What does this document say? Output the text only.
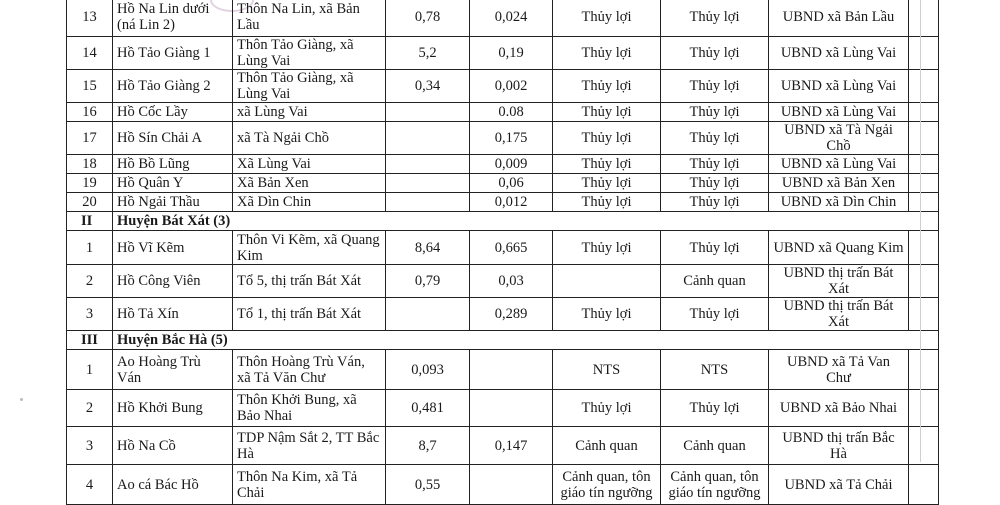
13	Hồ Na Lin dưới (ná Lin 2)	Thôn Na Lin, xã Bản Lầu	0,78	0,024	Thủy lợi	Thủy lợi	UBND xã Bản Lầu	
14	Hồ Tảo Giàng 1	Thôn Tảo Giàng, xã Lùng Vai	5,2	0,19	Thủy lợi	Thủy lợi	UBND xã Lùng Vai	
15	Hồ Tảo Giàng 2	Thôn Tảo Giàng, xã Lùng Vai	0,34	0,002	Thủy lợi	Thủy lợi	UBND xã Lùng Vai	
16	Hồ Cốc Lầy	xã Lùng Vai		0.08	Thủy lợi	Thủy lợi	UBND xã Lùng Vai	
17	Hồ Sín Chải A	xã Tà Ngải Chồ		0,175	Thủy lợi	Thủy lợi	UBND xã Tà Ngải Chồ	
18	Hồ Bồ Lũng	Xã Lùng Vai		0,009	Thủy lợi	Thủy lợi	UBND xã Lùng Vai	
19	Hồ Quân Y	Xã Bản Xen		0,06	Thủy lợi	Thủy lợi	UBND xã Bản Xen	
20	Hồ Ngải Thầu	Xã Dìn Chin		0,012	Thủy lợi	Thủy lợi	UBND xã Dìn Chin	
II	Huyện Bát Xát (3)							
1	Hồ Vĩ Kẽm	Thôn Vi Kẽm, xã Quang Kim	8,64	0,665	Thủy lợi	Thủy lợi	UBND xã Quang Kim	
2	Hồ Công Viên	Tổ 5, thị trấn Bát Xát	0,79	0,03		Cảnh quan	UBND thị trấn Bát Xát	
3	Hồ Tả Xín	Tổ 1, thị trấn Bát Xát		0,289	Thủy lợi	Thủy lợi	UBND thị trấn Bát Xát	
III	Huyện Bắc Hà (5)							
1	Ao Hoàng Trù Ván	Thôn Hoàng Trù Ván, xã Tả Văn Chư	0,093		NTS	NTS	UBND xã Tả Van Chư	
2	Hồ Khởi Bung	Thôn Khởi Bung, xã Bảo Nhai	0,481		Thủy lợi	Thủy lợi	UBND xã Bảo Nhai	
3	Hồ Na Cồ	TDP Nậm Sắt 2, TT Bắc Hà	8,7	0,147	Cảnh quan	Cảnh quan	UBND thị trấn Bắc Hà	
4	Ao cá Bác Hồ	Thôn Na Kim, xã Tả Chải	0,55		Cảnh quan, tôn giáo tín ngưỡng	Cảnh quan, tôn giáo tín ngưỡng	UBND xã Tả Chải	
